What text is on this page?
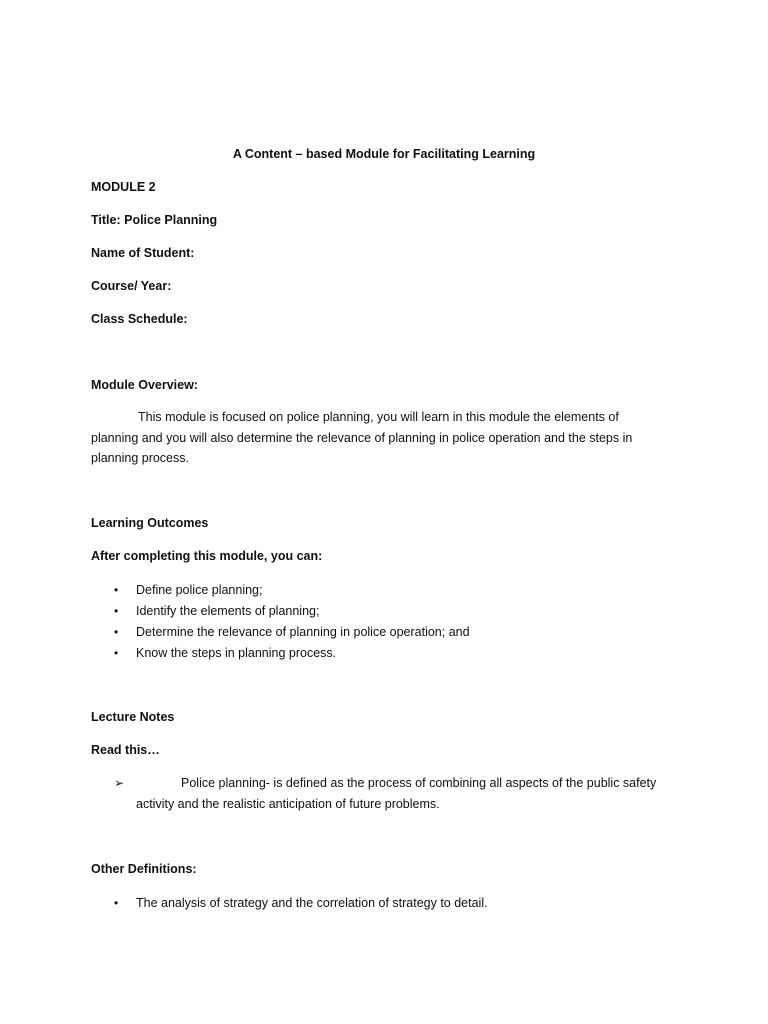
A Content – based Module for Facilitating Learning
MODULE 2
Title: Police Planning
Name of Student:
Course/ Year:
Class Schedule:
Module Overview:
This module is focused on police planning, you will learn in this module the elements of planning and you will also determine the relevance of planning in police operation and the steps in planning process.
Learning Outcomes
After completing this module, you can:
• Define police planning;
• Identify the elements of planning;
• Determine the relevance of planning in police operation; and
• Know the steps in planning process.
Lecture Notes
Read this…
➢	Police planning- is defined as the process of combining all aspects of the public safety
activity and the realistic anticipation of future problems.
Other Definitions:
• The analysis of strategy and the correlation of strategy to detail.
